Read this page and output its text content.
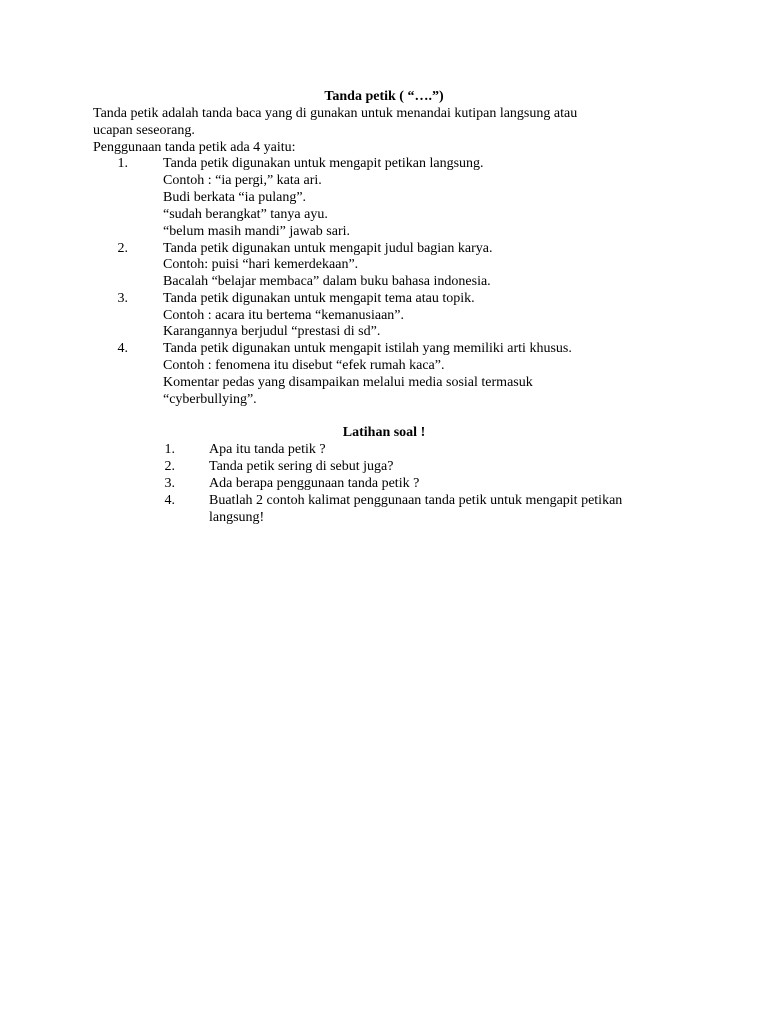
Tanda petik ( “….”)
Tanda petik adalah tanda baca yang di gunakan untuk menandai kutipan langsung atau
ucapan seseorang.
Penggunaan tanda petik ada 4 yaitu:
1.	Tanda petik digunakan untuk mengapit petikan langsung.
Contoh : “ia pergi,” kata ari.
Budi berkata “ia pulang”.
“sudah berangkat” tanya ayu.
“belum masih mandi” jawab sari.
2.	Tanda petik digunakan untuk mengapit judul bagian karya.
Contoh: puisi “hari kemerdekaan”.
Bacalah “belajar membaca” dalam buku bahasa indonesia.
3.	Tanda petik digunakan untuk mengapit tema atau topik.
Contoh : acara itu bertema “kemanusiaan”.
Karangannya berjudul “prestasi di sd”.
4.	Tanda petik digunakan untuk mengapit istilah yang memiliki arti khusus.
Contoh : fenomena itu disebut “efek rumah kaca”.
Komentar pedas yang disampaikan melalui media sosial termasuk
“cyberbullying”.
Latihan soal !
1. Apa itu tanda petik ?
2. Tanda petik sering di sebut juga?
3. Ada berapa penggunaan tanda petik ?
4. Buatlah 2 contoh kalimat penggunaan tanda petik untuk mengapit petikan
langsung!
